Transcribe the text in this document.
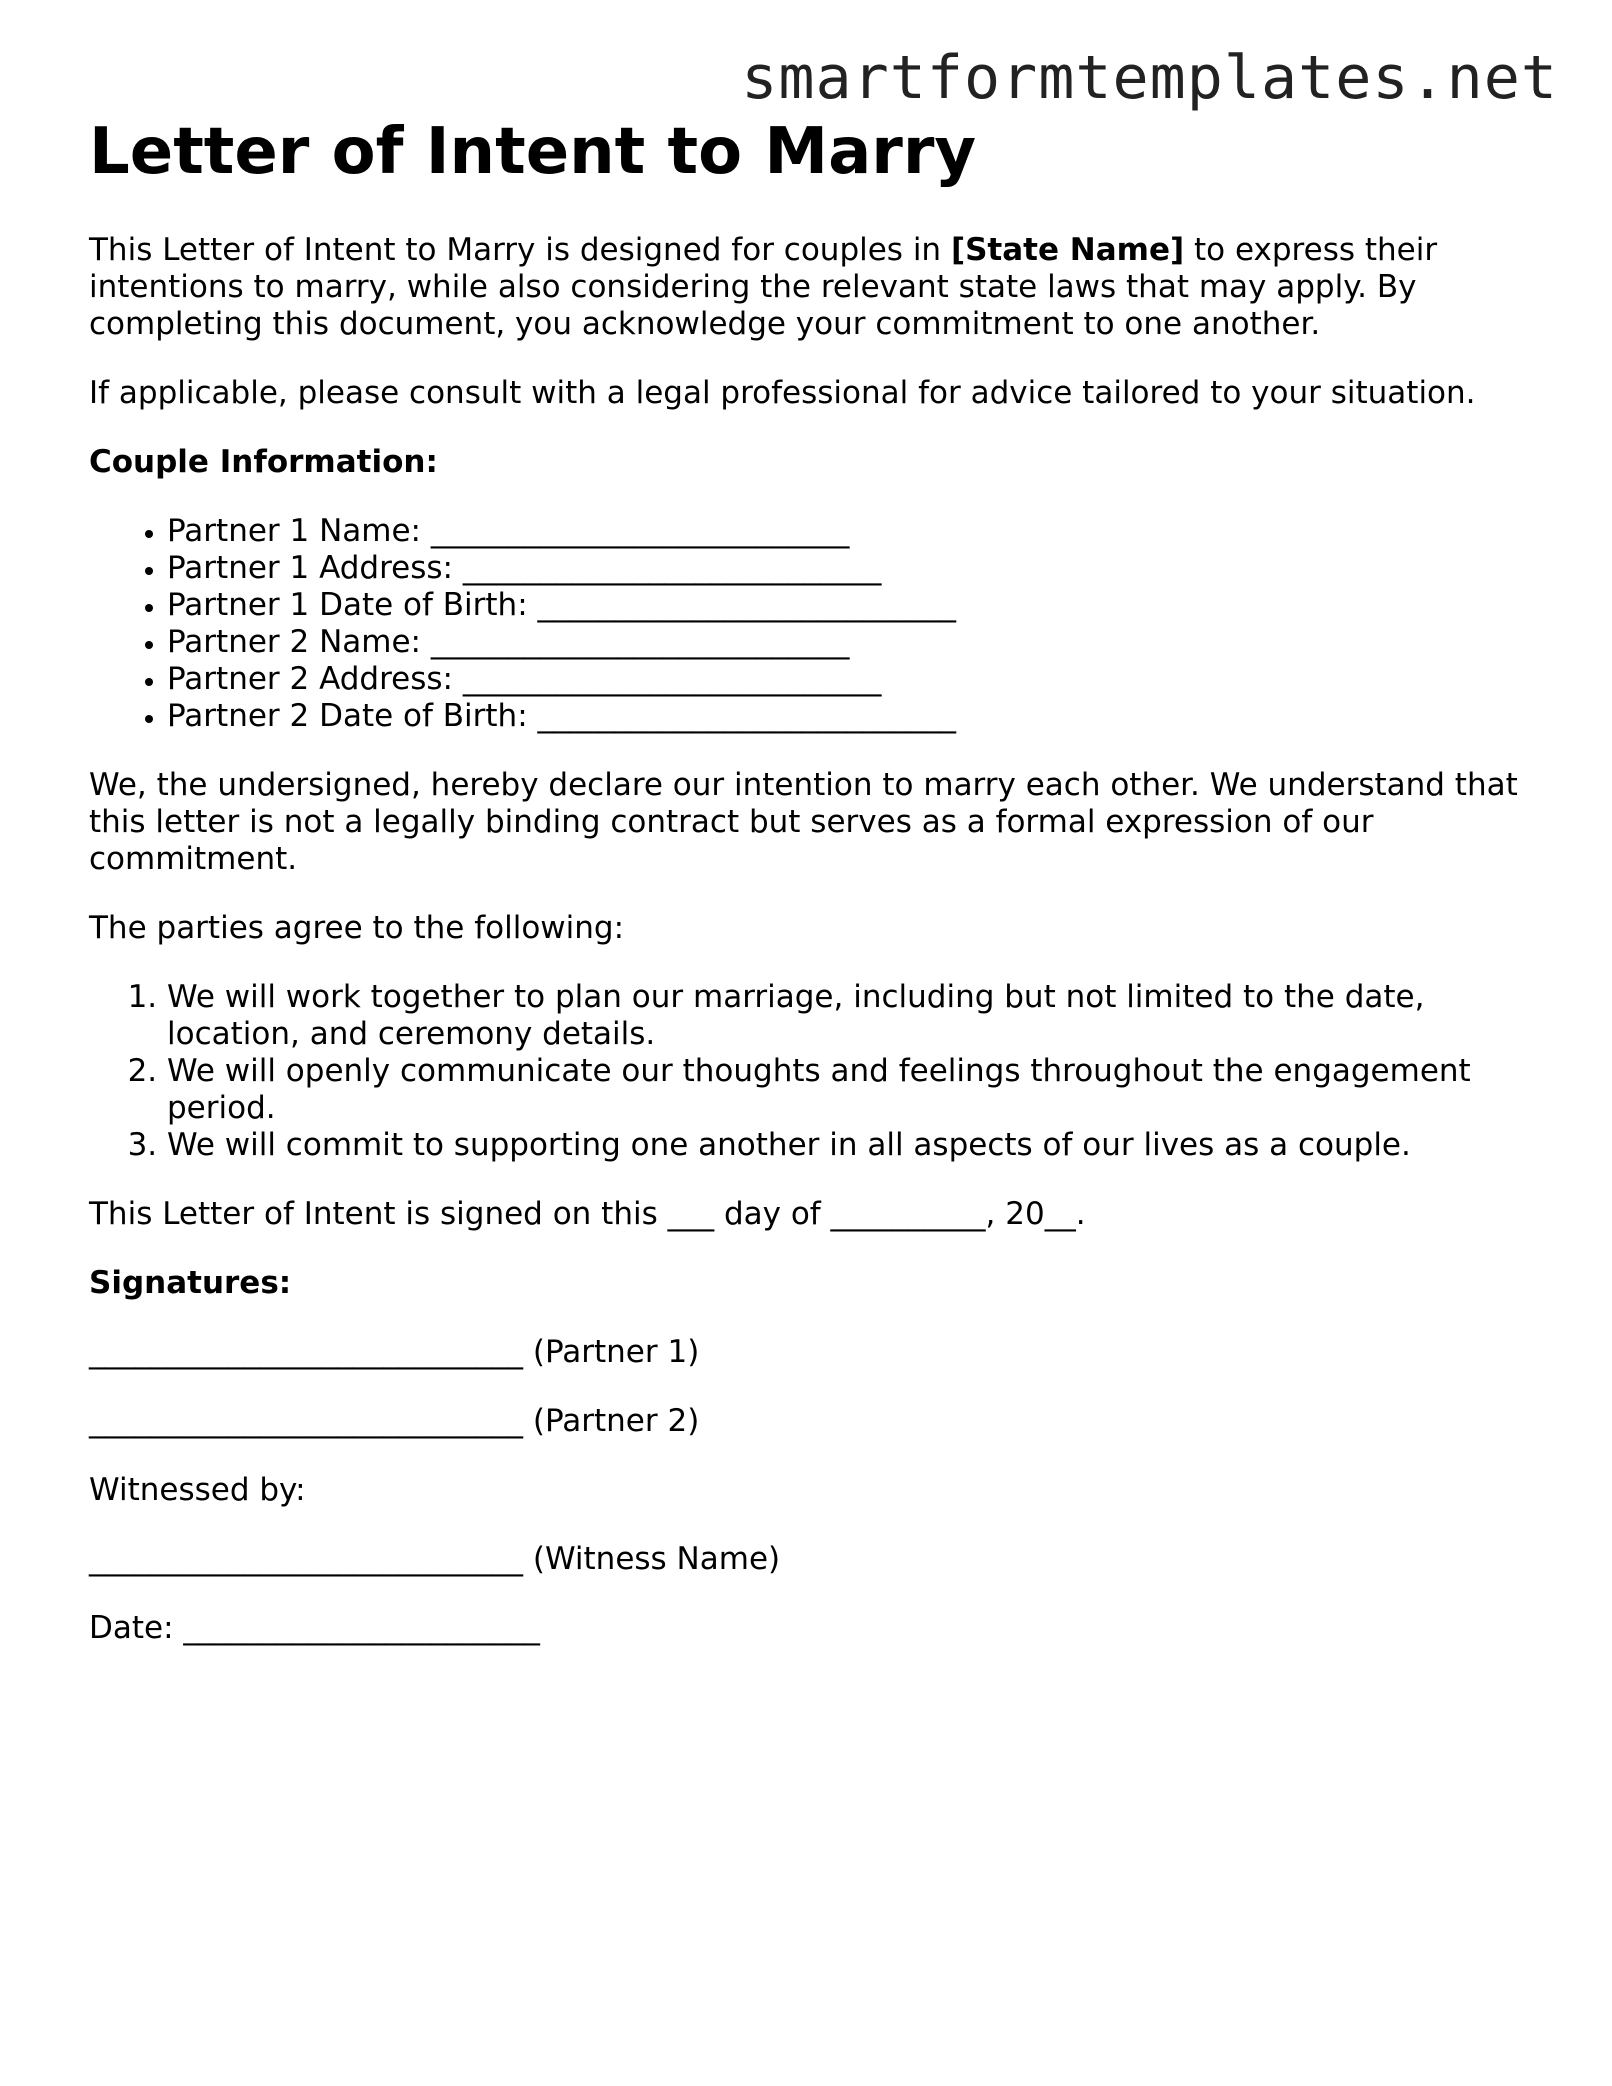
smartformtemplates.net
Letter of Intent to Marry

This Letter of Intent to Marry is designed for couples in [State Name] to express their intentions to marry, while also considering the relevant state laws that may apply. By completing this document, you acknowledge your commitment to one another.

If applicable, please consult with a legal professional for advice tailored to your situation.

Couple Information:

• Partner 1 Name: ___________________________
• Partner 1 Address: ___________________________
• Partner 1 Date of Birth: ___________________________
• Partner 2 Name: ___________________________
• Partner 2 Address: ___________________________
• Partner 2 Date of Birth: ___________________________

We, the undersigned, hereby declare our intention to marry each other. We understand that this letter is not a legally binding contract but serves as a formal expression of our commitment.

The parties agree to the following:

1. We will work together to plan our marriage, including but not limited to the date, location, and ceremony details.
2. We will openly communicate our thoughts and feelings throughout the engagement period.
3. We will commit to supporting one another in all aspects of our lives as a couple.

This Letter of Intent is signed on this ___ day of __________, 20__.

Signatures:

____________________________ (Partner 1)

____________________________ (Partner 2)

Witnessed by:

____________________________ (Witness Name)

Date: _______________________
